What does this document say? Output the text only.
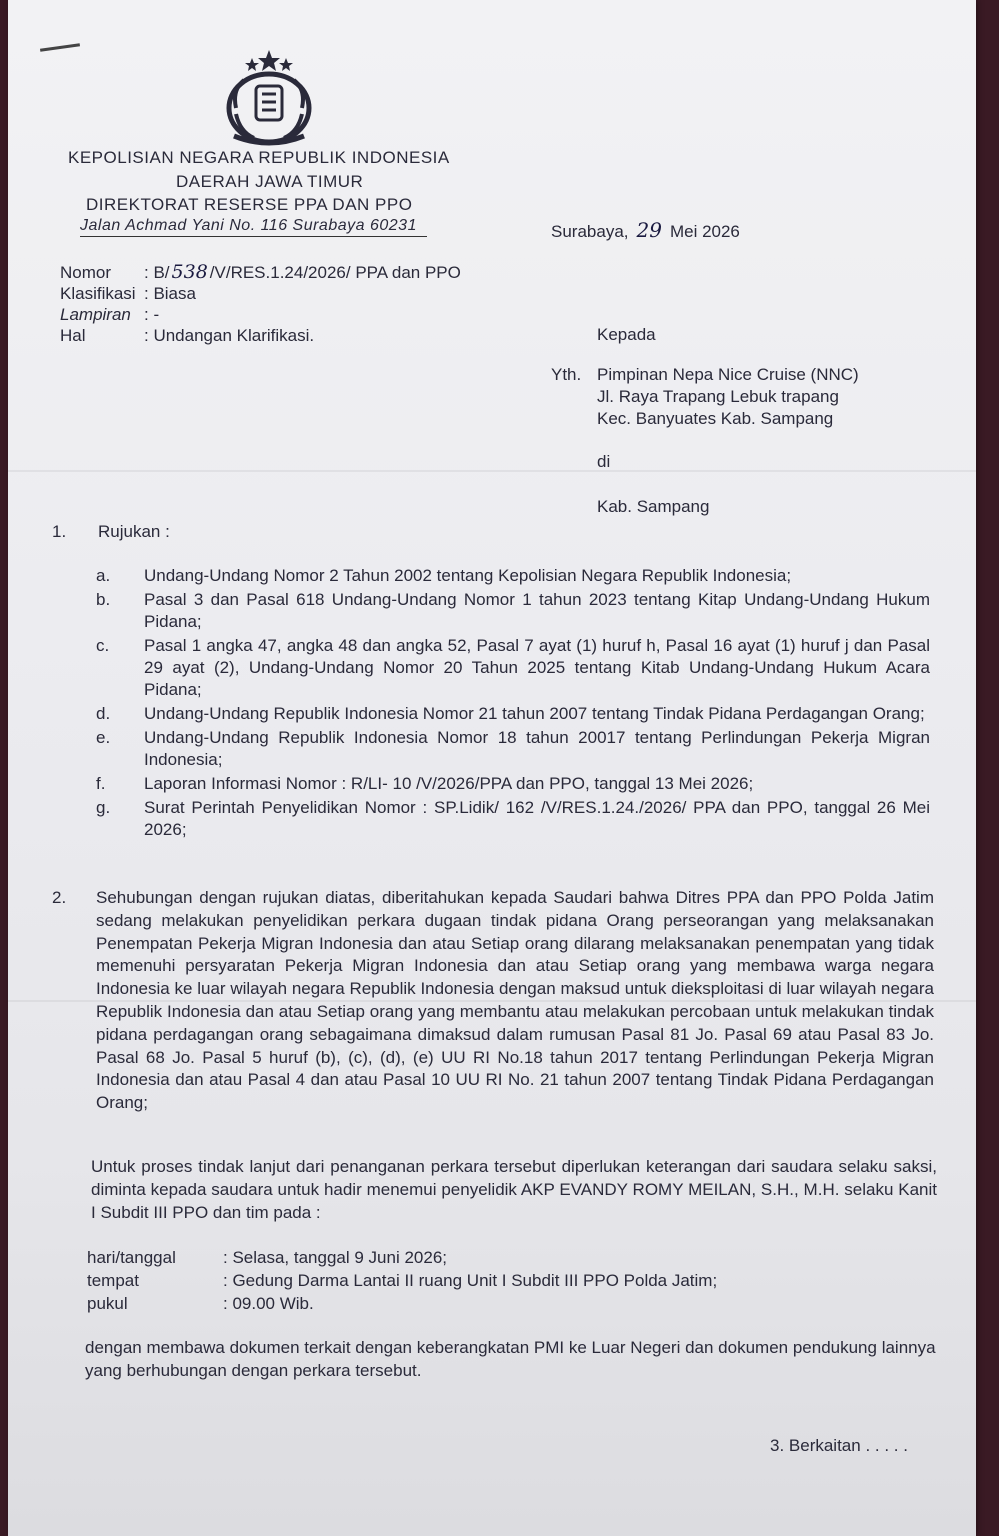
KEPOLISIAN NEGARA REPUBLIK INDONESIA
DAERAH JAWA TIMUR
DIREKTORAT RESERSE PPA DAN PPO
Jalan Achmad Yani No. 116 Surabaya 60231	Surabaya, 29 Mei 2026
Nomor	: B/ 538 /V/RES.1.24/2026/ PPA dan PPO
Klasifikasi : Biasa
Lampiran : -
Hal	: Undangan Klarifikasi.	Kepada
Yth. Pimpinan Nepa Nice Cruise (NNC)
Jl. Raya Trapang Lebuk trapang
Kec. Banyuates Kab. Sampang
di
Kab. Sampang
1. Rujukan :
a.	Undang-Undang Nomor 2 Tahun 2002 tentang Kepolisian Negara Republik Indonesia;
b.	Pasal 3 dan Pasal 618 Undang-Undang Nomor 1 tahun 2023 tentang Kitap Undang-Undang Hukum Pidana;
c.	Pasal 1 angka 47, angka 48 dan angka 52, Pasal 7 ayat (1) huruf h, Pasal 16 ayat (1) huruf j dan Pasal 29 ayat (2), Undang-Undang Nomor 20 Tahun 2025 tentang Kitab Undang-Undang Hukum Acara Pidana;
d.	Undang-Undang Republik Indonesia Nomor 21 tahun 2007 tentang Tindak Pidana Perdagangan Orang;
e.	Undang-Undang Republik Indonesia Nomor 18 tahun 20017 tentang Perlindungan Pekerja Migran Indonesia;
f.	Laporan Informasi Nomor : R/LI- 10 /V/2026/PPA dan PPO, tanggal 13 Mei 2026;
g.	Surat Perintah Penyelidikan Nomor : SP.Lidik/ 162 /V/RES.1.24./2026/ PPA dan PPO, tanggal 26 Mei 2026;
2. Sehubungan dengan rujukan diatas, diberitahukan kepada Saudari bahwa Ditres PPA dan PPO Polda Jatim sedang melakukan penyelidikan perkara dugaan tindak pidana Orang perseorangan yang melaksanakan Penempatan Pekerja Migran Indonesia dan atau Setiap orang dilarang melaksanakan penempatan yang tidak memenuhi persyaratan Pekerja Migran Indonesia dan atau Setiap orang yang membawa warga negara Indonesia ke luar wilayah negara Republik Indonesia dengan maksud untuk dieksploitasi di luar wilayah negara Republik Indonesia dan atau Setiap orang yang membantu atau melakukan percobaan untuk melakukan tindak pidana perdagangan orang sebagaimana dimaksud dalam rumusan Pasal 81 Jo. Pasal 69 atau Pasal 83 Jo. Pasal 68 Jo. Pasal 5 huruf (b), (c), (d), (e) UU RI No.18 tahun 2017 tentang Perlindungan Pekerja Migran Indonesia dan atau Pasal 4 dan atau Pasal 10 UU RI No. 21 tahun 2007 tentang Tindak Pidana Perdagangan Orang;
Untuk proses tindak lanjut dari penanganan perkara tersebut diperlukan keterangan dari saudara selaku saksi, diminta kepada saudara untuk hadir menemui penyelidik AKP EVANDY ROMY MEILAN, S.H., M.H. selaku Kanit I Subdit III PPO dan tim pada :
hari/tanggal	: Selasa, tanggal 9 Juni 2026;
tempat	: Gedung Darma Lantai II ruang Unit I Subdit III PPO Polda Jatim;
pukul	: 09.00 Wib.
dengan membawa dokumen terkait dengan keberangkatan PMI ke Luar Negeri dan dokumen pendukung lainnya yang berhubungan dengan perkara tersebut.
3. Berkaitan . . . . .
